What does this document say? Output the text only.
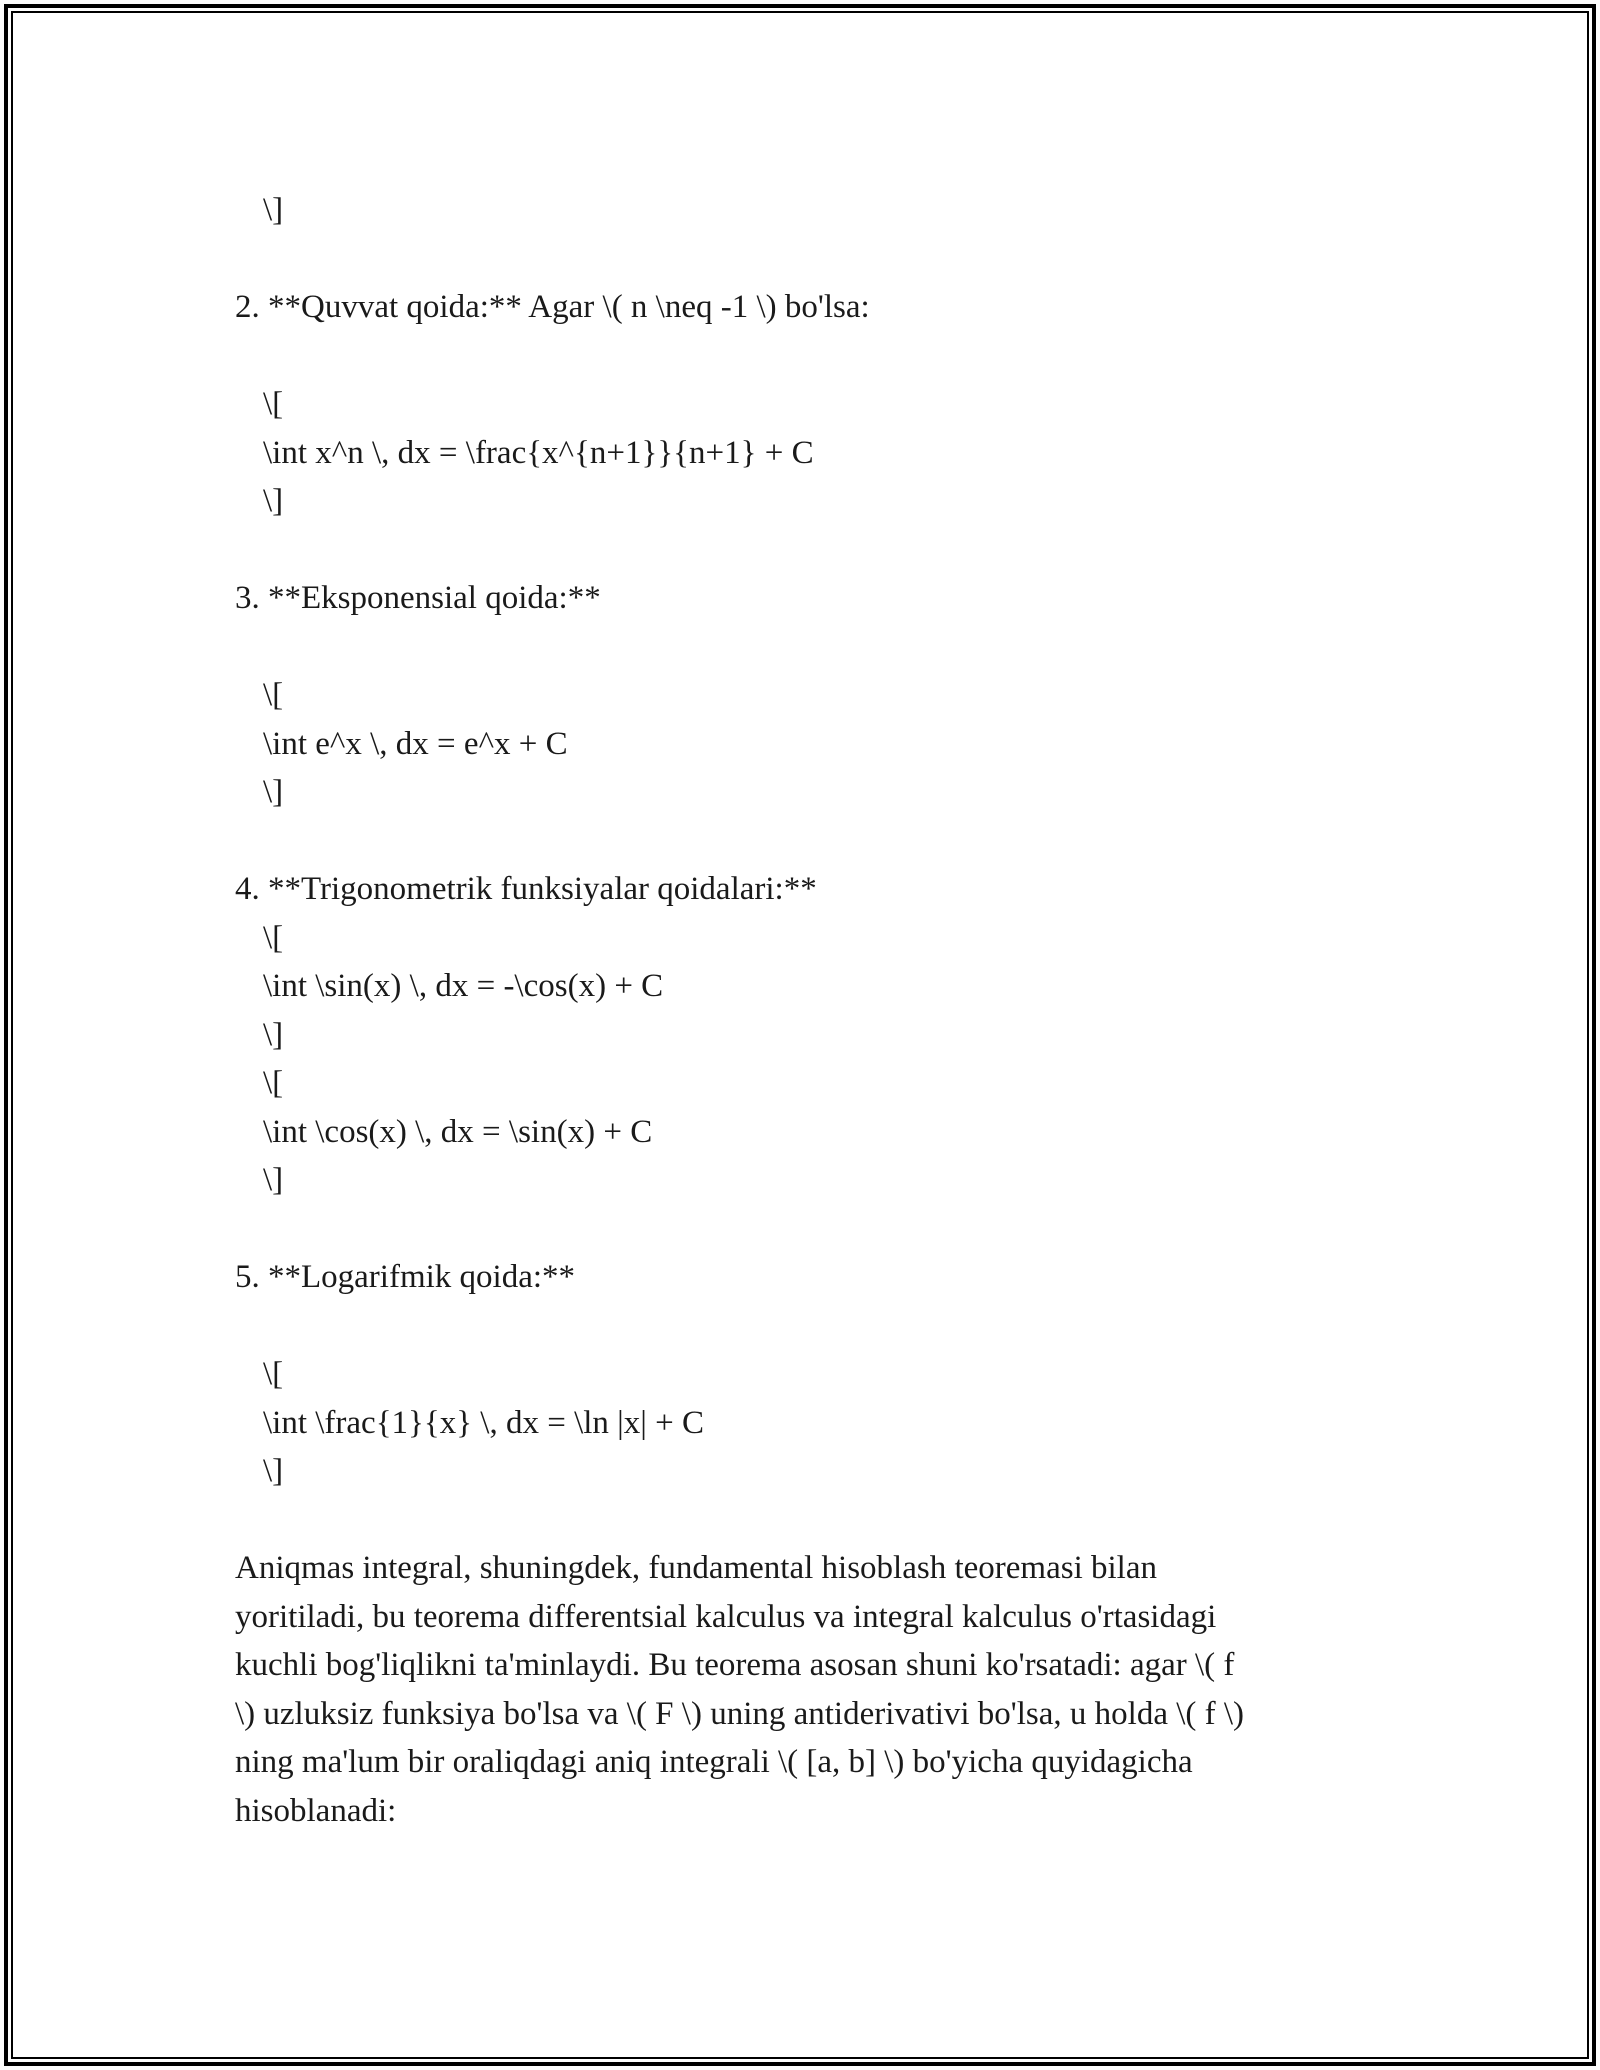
\]
2. **Quvvat qoida:** Agar \( n \neq -1 \) bo'lsa:
\[
\int x^n \, dx = \frac{x^{n+1}}{n+1} + C
\]
3. **Eksponensial qoida:**
\[
\int e^x \, dx = e^x + C
\]
4. **Trigonometrik funksiyalar qoidalari:**
\[
\int \sin(x) \, dx = -\cos(x) + C
\]
\[
\int \cos(x) \, dx = \sin(x) + C
\]
5. **Logarifmik qoida:**
\[
\int \frac{1}{x} \, dx = \ln |x| + C
\]
Aniqmas integral, shuningdek, fundamental hisoblash teoremasi bilan
yoritiladi, bu teorema differentsial kalculus va integral kalculus o'rtasidagi
kuchli bog'liqlikni ta'minlaydi. Bu teorema asosan shuni ko'rsatadi: agar \( f
\) uzluksiz funksiya bo'lsa va \( F \) uning antiderivativi bo'lsa, u holda \( f \)
ning ma'lum bir oraliqdagi aniq integrali \( [a, b] \) bo'yicha quyidagicha
hisoblanadi:
